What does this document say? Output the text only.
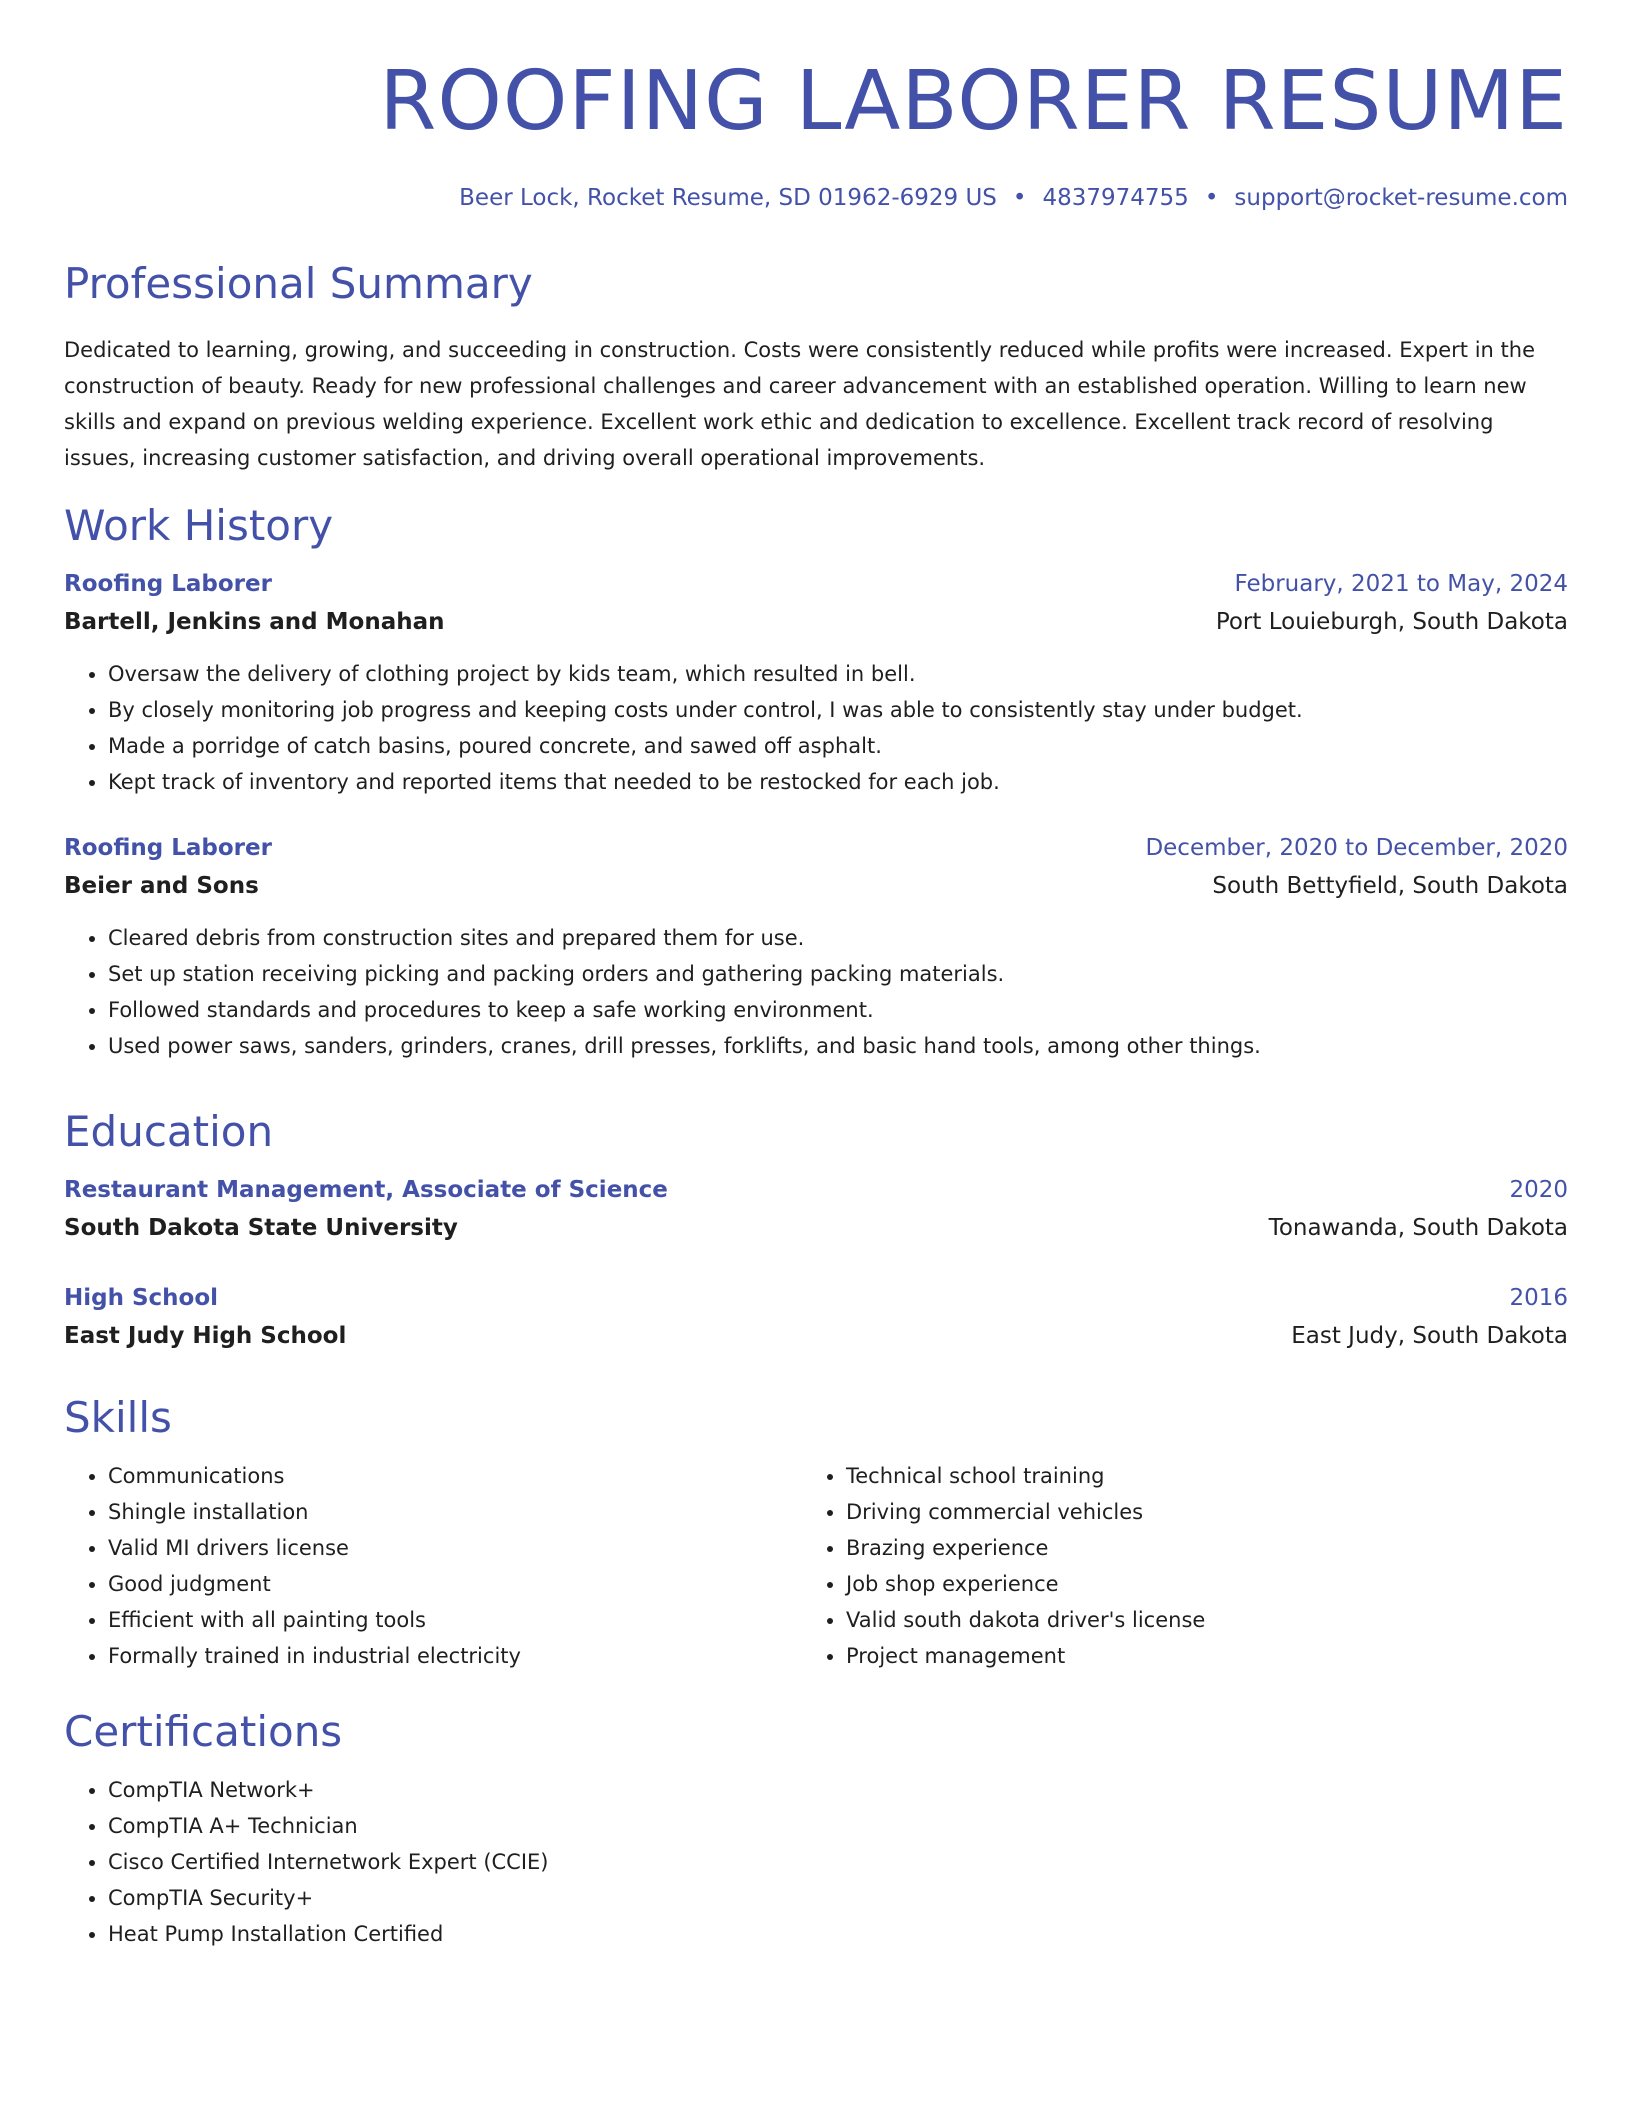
ROOFING LABORER RESUME
Beer Lock, Rocket Resume, SD 01962-6929 US • 4837974755 • support@rocket-resume.com
Professional Summary

Dedicated to learning, growing, and succeeding in construction. Costs were consistently reduced while profits were increased. Expert in the construction of beauty. Ready for new professional challenges and career advancement with an established operation. Willing to learn new skills and expand on previous welding experience. Excellent work ethic and dedication to excellence. Excellent track record of resolving issues, increasing customer satisfaction, and driving overall operational improvements.

Work History
Roofing Laborer	February, 2021 to May, 2024
Bartell, Jenkins and Monahan	Port Louieburgh, South Dakota
• Oversaw the delivery of clothing project by kids team, which resulted in bell.
• By closely monitoring job progress and keeping costs under control, I was able to consistently stay under budget.
• Made a porridge of catch basins, poured concrete, and sawed off asphalt.
• Kept track of inventory and reported items that needed to be restocked for each job.
Roofing Laborer	December, 2020 to December, 2020
Beier and Sons	South Bettyfield, South Dakota
• Cleared debris from construction sites and prepared them for use.
• Set up station receiving picking and packing orders and gathering packing materials.
• Followed standards and procedures to keep a safe working environment.
• Used power saws, sanders, grinders, cranes, drill presses, forklifts, and basic hand tools, among other things.
Education
Restaurant Management, Associate of Science	2020
South Dakota State University	Tonawanda, South Dakota
High School	2016
East Judy High School	East Judy, South Dakota
Skills
• Communications
• Shingle installation
• Valid MI drivers license
• Good judgment
• Efficient with all painting tools
• Formally trained in industrial electricity
• Technical school training
• Driving commercial vehicles
• Brazing experience
• Job shop experience
• Valid south dakota driver's license
• Project management
Certifications
• CompTIA Network+
• CompTIA A+ Technician
• Cisco Certified Internetwork Expert (CCIE)
• CompTIA Security+
• Heat Pump Installation Certified
